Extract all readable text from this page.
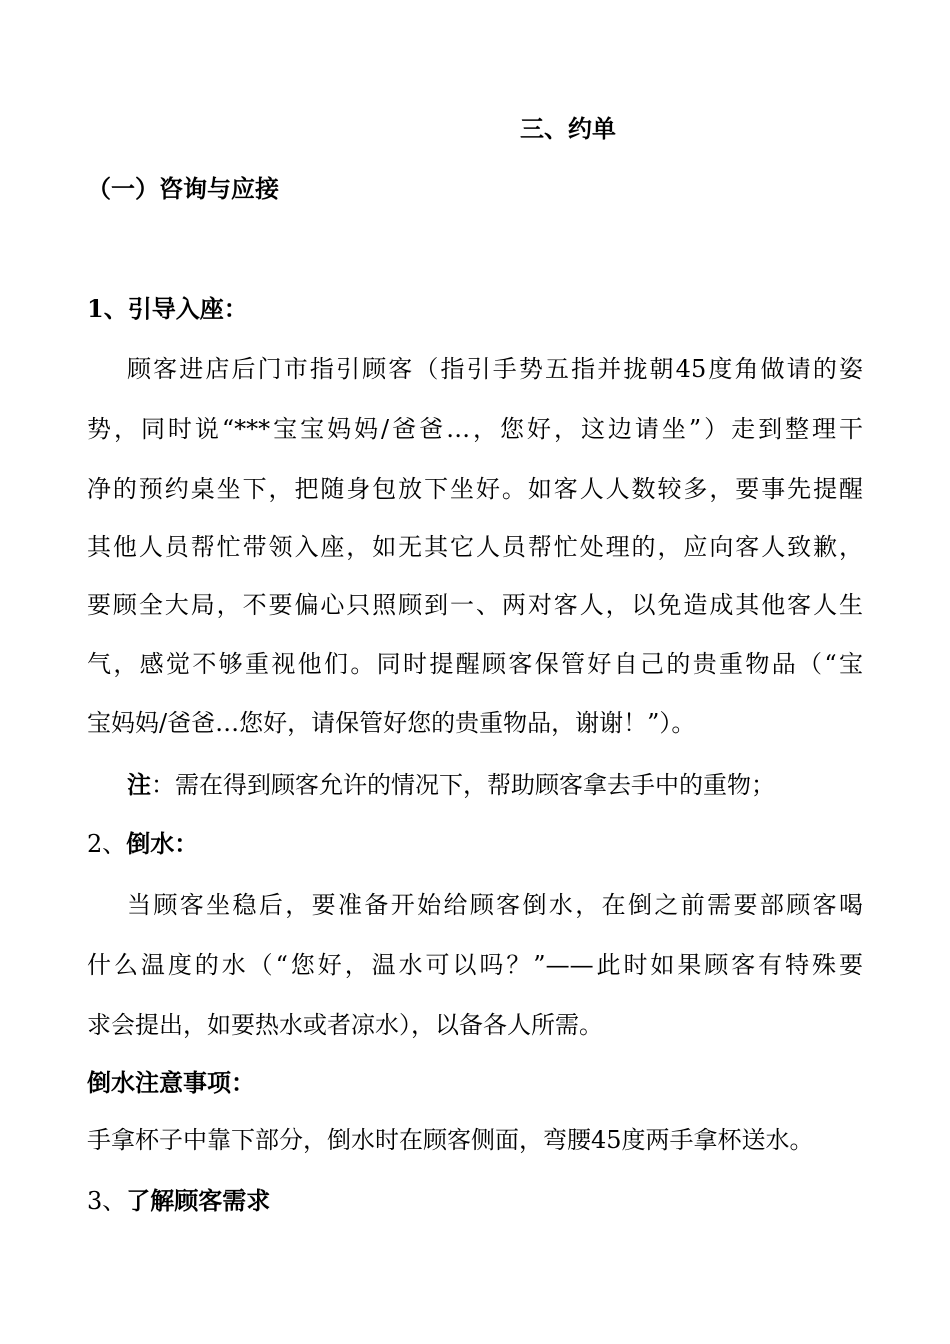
三、约单
（一）咨询与应接
1、引导入座：
顾客进店后门市指引顾客（指引手势五指并拢朝45度角做请的姿
势，同时说“***宝宝妈妈/爸爸…，您好，这边请坐”）走到整理干
净的预约桌坐下，把随身包放下坐好。如客人人数较多，要事先提醒
其他人员帮忙带领入座，如无其它人员帮忙处理的，应向客人致歉，
要顾全大局，不要偏心只照顾到一、两对客人，以免造成其他客人生
气，感觉不够重视他们。同时提醒顾客保管好自己的贵重物品（“宝
宝妈妈/爸爸…您好，请保管好您的贵重物品，谢谢！”）。
注：需在得到顾客允许的情况下，帮助顾客拿去手中的重物；
2、倒水：
当顾客坐稳后，要准备开始给顾客倒水，在倒之前需要部顾客喝
什么温度的水（“您好，温水可以吗？”——此时如果顾客有特殊要
求会提出，如要热水或者凉水），以备各人所需。
倒水注意事项：
手拿杯子中靠下部分，倒水时在顾客侧面，弯腰45度两手拿杯送水。
3、了解顾客需求
